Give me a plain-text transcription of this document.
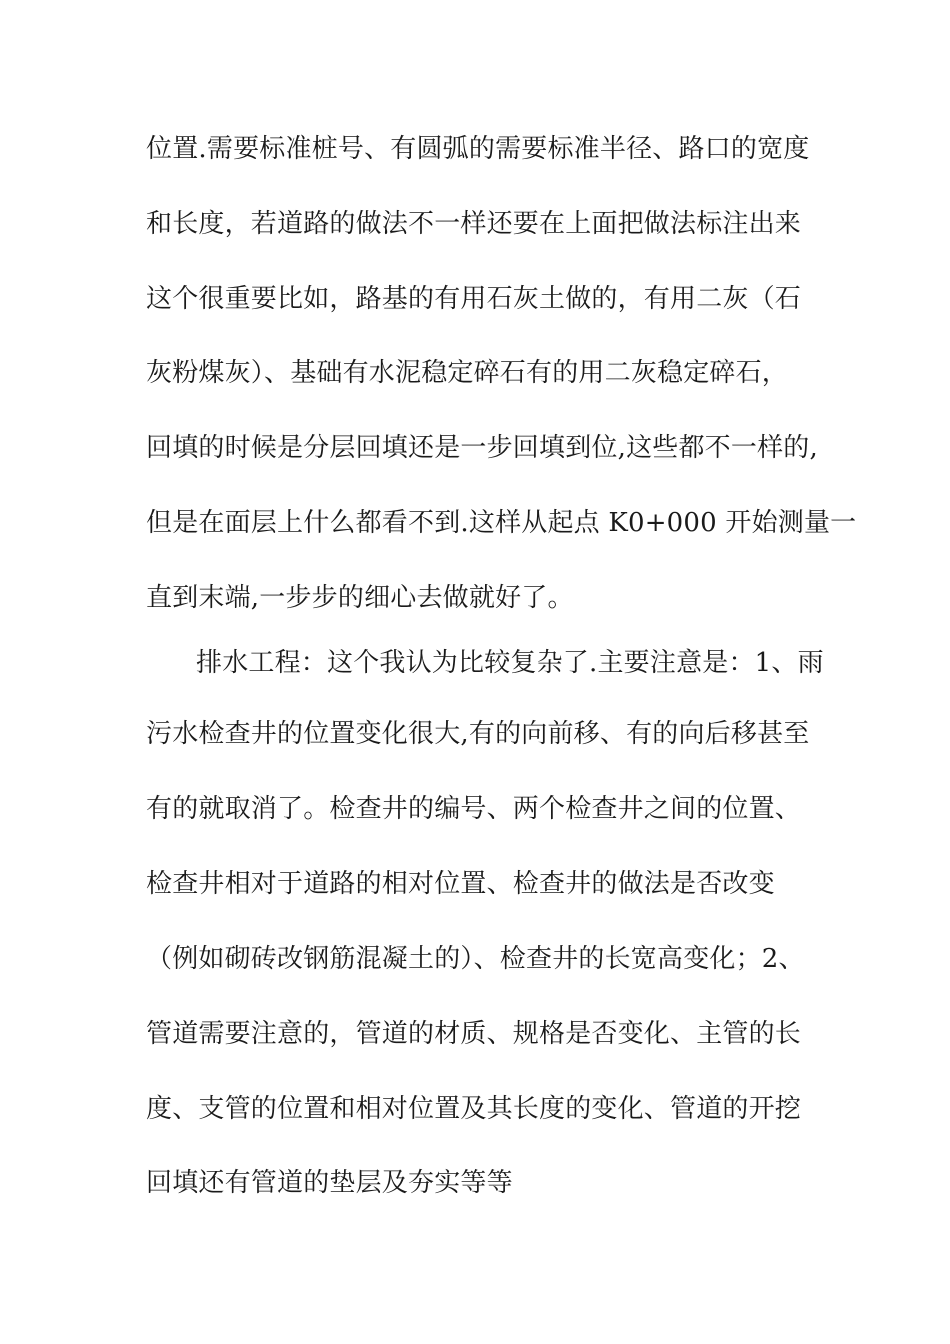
位置.需要标准桩号、有圆弧的需要标准半径、路口的宽度
和长度，若道路的做法不一样还要在上面把做法标注出来
这个很重要比如，路基的有用石灰土做的，有用二灰（石
灰粉煤灰）、基础有水泥稳定碎石有的用二灰稳定碎石，
回填的时候是分层回填还是一步回填到位,这些都不一样的,
但是在面层上什么都看不到.这样从起点 K0+000 开始测量一
直到末端,一步步的细心去做就好了。
排水工程：这个我认为比较复杂了.主要注意是：1、雨
污水检查井的位置变化很大,有的向前移、有的向后移甚至
有的就取消了。检查井的编号、两个检查井之间的位置、
检查井相对于道路的相对位置、检查井的做法是否改变
（例如砌砖改钢筋混凝土的）、检查井的长宽高变化；2、
管道需要注意的，管道的材质、规格是否变化、主管的长
度、支管的位置和相对位置及其长度的变化、管道的开挖
回填还有管道的垫层及夯实等等
